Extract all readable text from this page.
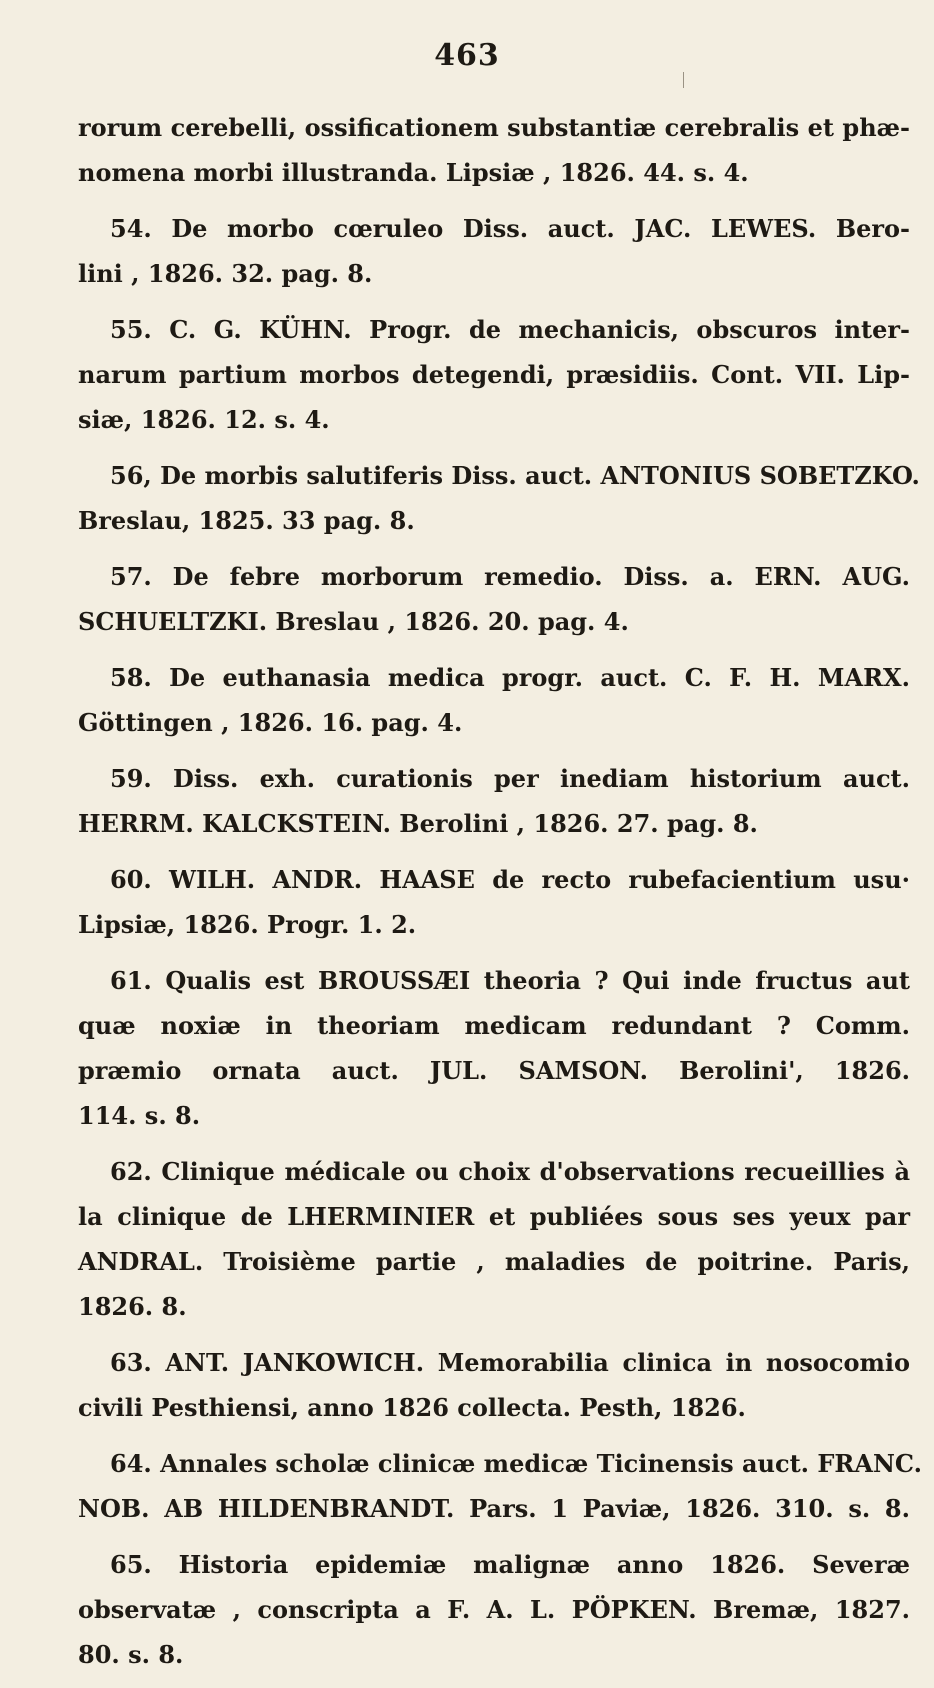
463
rorum cerebelli, ossificationem substantiæ cerebralis et phæ-
nomena morbi illustranda. Lipsiæ , 1826. 44. s. 4.
54. De morbo cœruleo Diss. auct. JAC. LEWES. Bero-
lini , 1826. 32. pag. 8.
55. C. G. KÜHN. Progr. de mechanicis, obscuros inter-
narum partium morbos detegendi, præsidiis. Cont. VII. Lip-
siæ, 1826. 12. s. 4.
56, De morbis salutiferis Diss. auct. ANTONIUS SOBETZKO.
Breslau, 1825. 33 pag. 8.
57. De febre morborum remedio. Diss. a. ERN. AUG.
SCHUELTZKI. Breslau , 1826. 20. pag. 4.
58. De euthanasia medica progr. auct. C. F. H. MARX.
Göttingen , 1826. 16. pag. 4.
59. Diss. exh. curationis per inediam historium auct.
HERRM. KALCKSTEIN. Berolini , 1826. 27. pag. 8.
60. WILH. ANDR. HAASE de recto rubefacientium usu·
Lipsiæ, 1826. Progr. 1. 2.
61. Qualis est BROUSSÆI theoria ? Qui inde fructus aut
quæ noxiæ in theoriam medicam redundant ? Comm.
præmio ornata auct. JUL. SAMSON. Berolini', 1826.
114. s. 8.
62. Clinique médicale ou choix d'observations recueillies à
la clinique de LHERMINIER et publiées sous ses yeux par
ANDRAL. Troisième partie , maladies de poitrine. Paris,
1826. 8.
63. ANT. JANKOWICH. Memorabilia clinica in nosocomio
civili Pesthiensi, anno 1826 collecta. Pesth, 1826.
64. Annales scholæ clinicæ medicæ Ticinensis auct. FRANC.
NOB. AB HILDENBRANDT. Pars. 1 Paviæ, 1826. 310. s. 8.
65. Historia epidemiæ malignæ anno 1826. Severæ
observatæ , conscripta a F. A. L. PÖPKEN. Bremæ, 1827.
80. s. 8.
